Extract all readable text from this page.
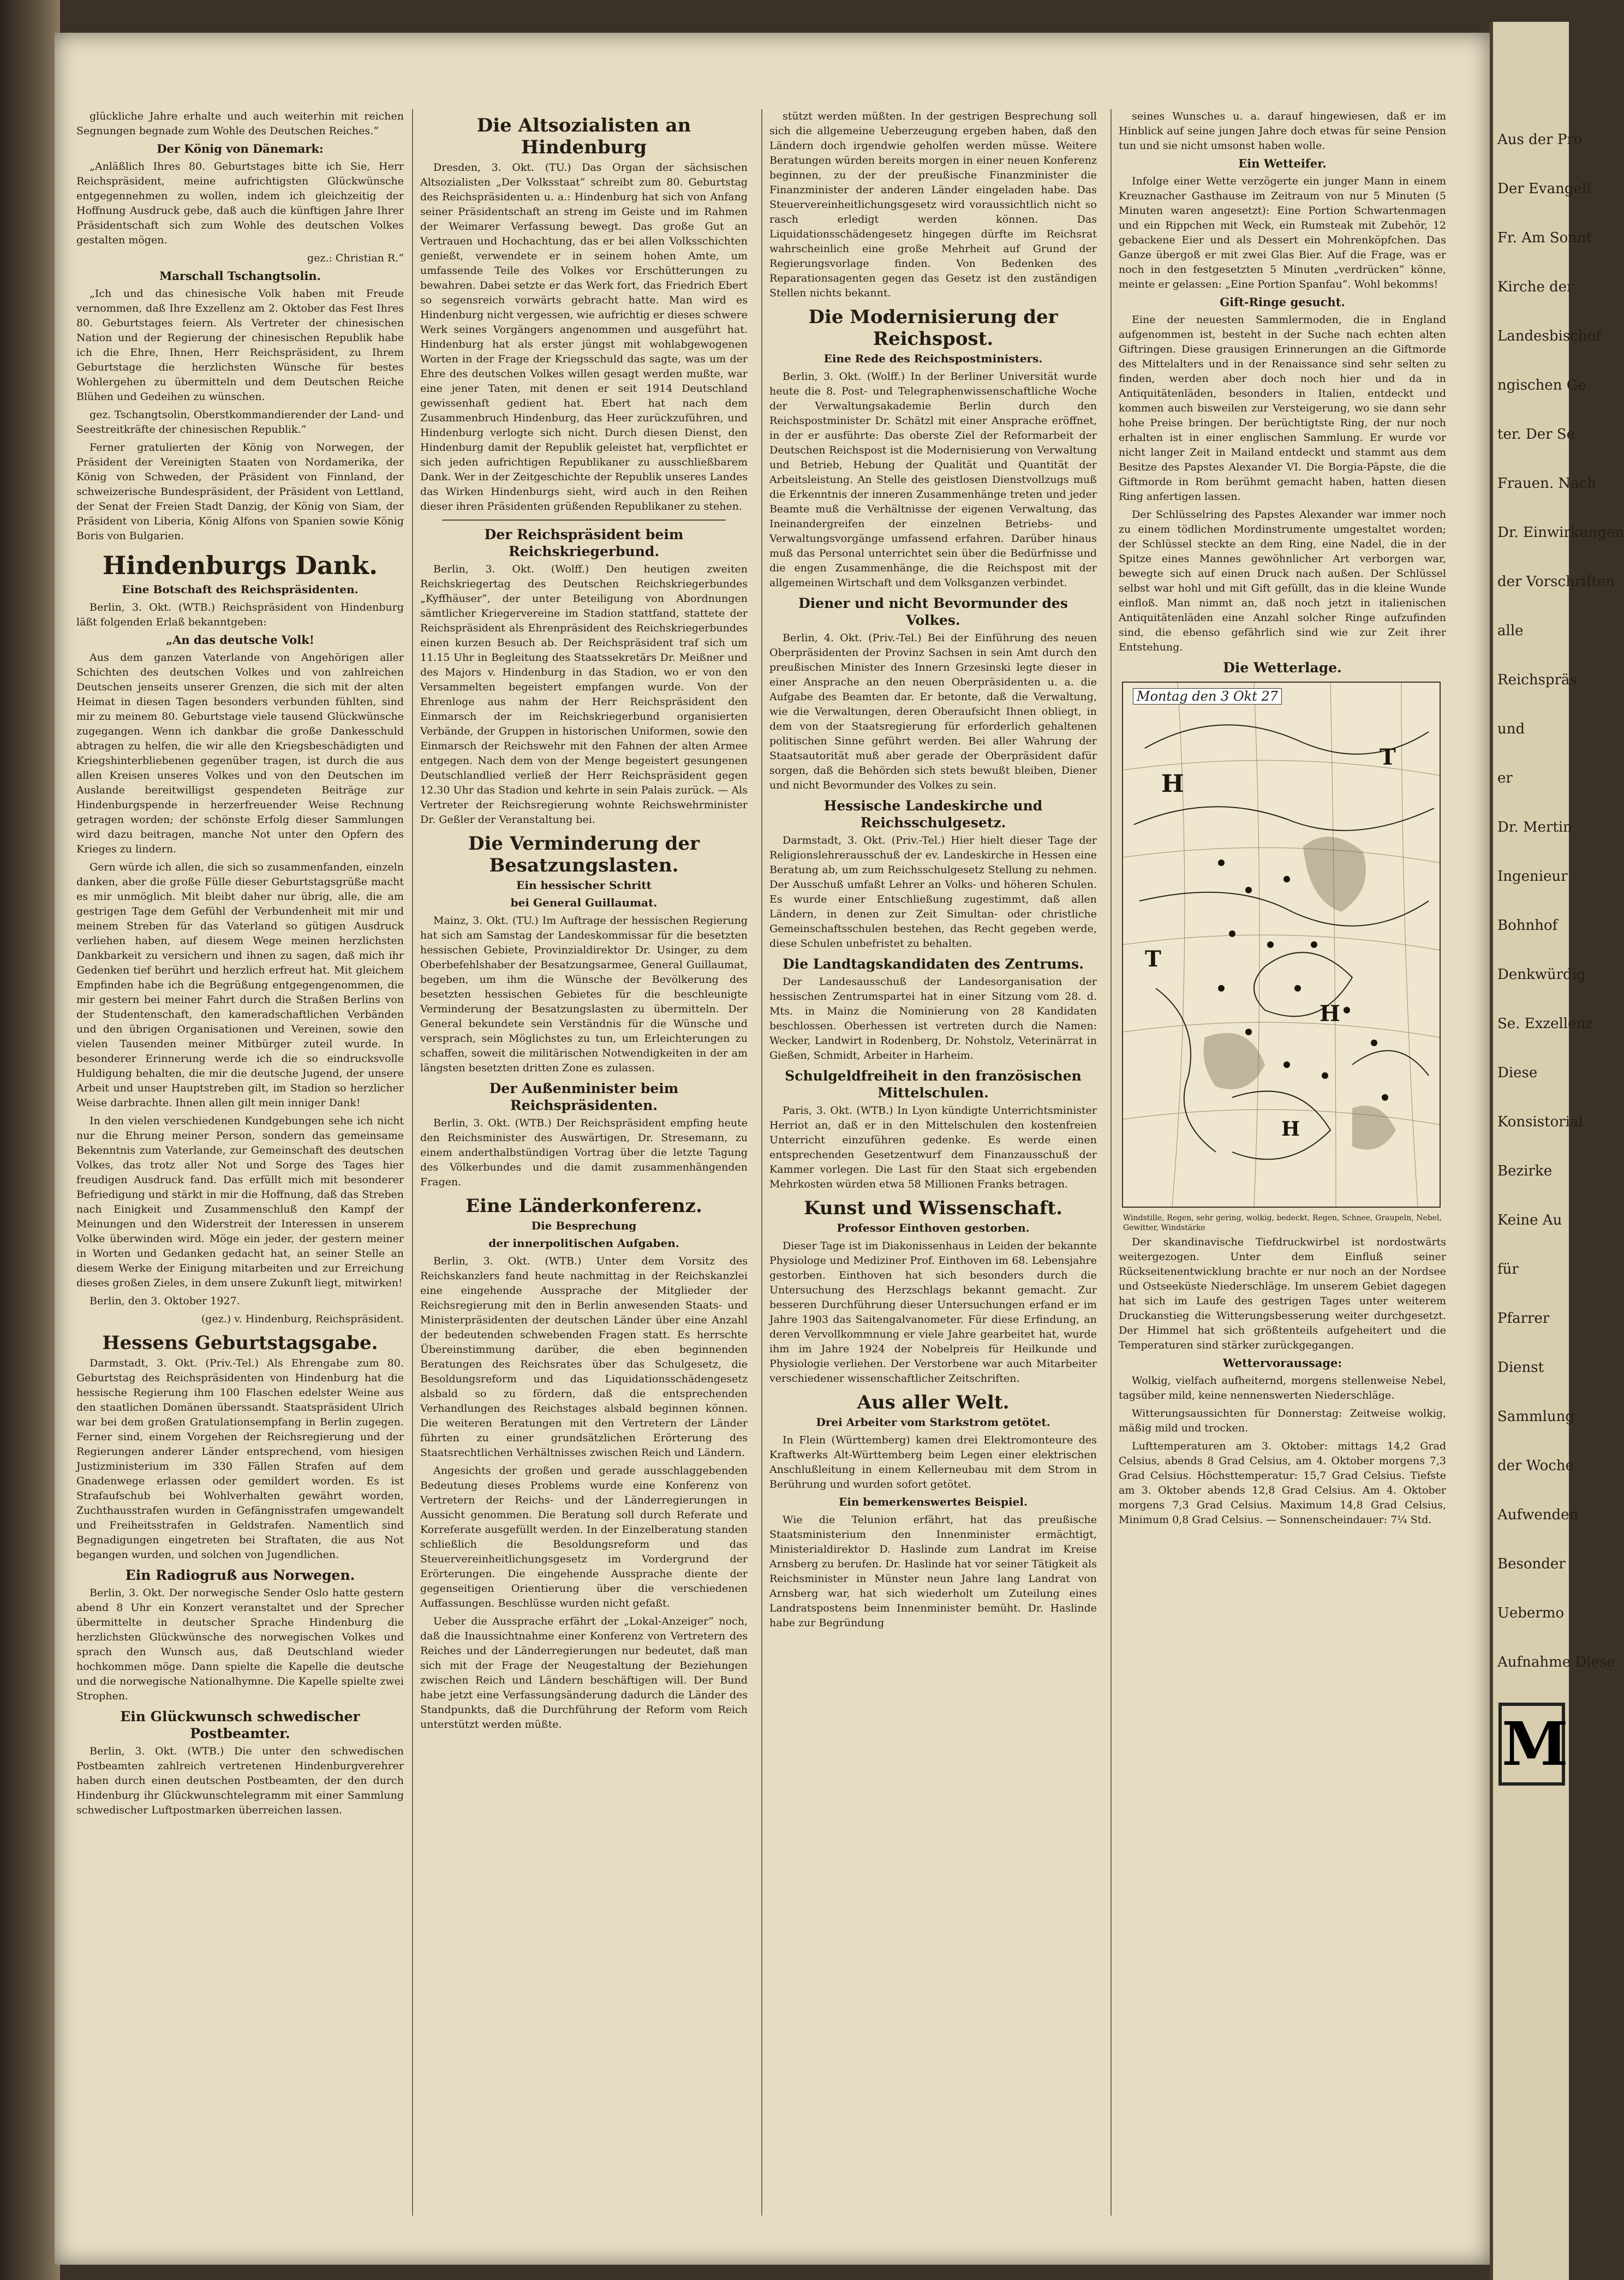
glückliche Jahre erhalte und auch weiterhin mit reichen Segnungen begnade zum Wohle des Deutschen Reiches.“

Der König von Dänemark:

„Anläßlich Ihres 80. Geburtstages bitte ich Sie, Herr Reichspräsident, meine aufrichtigsten Glückwünsche entgegennehmen zu wollen, indem ich gleichzeitig der Hoffnung Ausdruck gebe, daß auch die künftigen Jahre Ihrer Präsidentschaft sich zum Wohle des deutschen Volkes gestalten mögen.

gez.: Christian R.“

Marschall Tschangtsolin.

„Ich und das chinesische Volk haben mit Freude vernommen, daß Ihre Exzellenz am 2. Oktober das Fest Ihres 80. Geburtstages feiern. Als Vertreter der chinesischen Nation und der Regierung der chinesischen Republik habe ich die Ehre, Ihnen, Herr Reichspräsident, zu Ihrem Geburtstage die herzlichsten Wünsche für bestes Wohlergehen zu übermitteln und dem Deutschen Reiche Blühen und Gedeihen zu wünschen.

gez. Tschangtsolin, Oberstkommandierender der Land- und Seestreitkräfte der chinesischen Republik.“

Ferner gratulierten der König von Norwegen, der Präsident der Vereinigten Staaten von Nordamerika, der König von Schweden, der Präsident von Finnland, der schweizerische Bundespräsident, der Präsident von Lettland, der Senat der Freien Stadt Danzig, der König von Siam, der Präsident von Liberia, König Alfons von Spanien sowie König Boris von Bulgarien.

Hindenburgs Dank.
Eine Botschaft des Reichspräsidenten.

Berlin, 3. Okt. (WTB.) Reichspräsident von Hindenburg läßt folgenden Erlaß bekanntgeben:

„An das deutsche Volk!

Aus dem ganzen Vaterlande von Angehörigen aller Schichten des deutschen Volkes und von zahlreichen Deutschen jenseits unserer Grenzen, die sich mit der alten Heimat in diesen Tagen besonders verbunden fühlten, sind mir zu meinem 80. Geburtstage viele tausend Glückwünsche zugegangen. Wenn ich dankbar die große Dankesschuld abtragen zu helfen, die wir alle den Kriegsbeschädigten und Kriegshinterbliebenen gegenüber tragen, ist durch die aus allen Kreisen unseres Volkes und von den Deutschen im Auslande bereitwilligst gespendeten Beiträge zur Hindenburgspende in herzerfreuender Weise Rechnung getragen worden; der schönste Erfolg dieser Sammlungen wird dazu beitragen, manche Not unter den Opfern des Krieges zu lindern.

Gern würde ich allen, die sich so zusammenfanden, einzeln danken, aber die große Fülle dieser Geburtstagsgrüße macht es mir unmöglich. Mit bleibt daher nur übrig, alle, die am gestrigen Tage dem Gefühl der Verbundenheit mit mir und meinem Streben für das Vaterland so gütigen Ausdruck verliehen haben, auf diesem Wege meinen herzlichsten Dankbarkeit zu versichern und ihnen zu sagen, daß mich ihr Gedenken tief berührt und herzlich erfreut hat. Mit gleichem Empfinden habe ich die Begrüßung entgegengenommen, die mir gestern bei meiner Fahrt durch die Straßen Berlins von der Studentenschaft, den kameradschaftlichen Verbänden und den übrigen Organisationen und Vereinen, sowie den vielen Tausenden meiner Mitbürger zuteil wurde. In besonderer Erinnerung werde ich die so eindrucksvolle Huldigung behalten, die mir die deutsche Jugend, der unsere Arbeit und unser Hauptstreben gilt, im Stadion so herzlicher Weise darbrachte. Ihnen allen gilt mein inniger Dank!

In den vielen verschiedenen Kundgebungen sehe ich nicht nur die Ehrung meiner Person, sondern das gemeinsame Bekenntnis zum Vaterlande, zur Gemeinschaft des deutschen Volkes, das trotz aller Not und Sorge des Tages hier freudigen Ausdruck fand. Das erfüllt mich mit besonderer Befriedigung und stärkt in mir die Hoffnung, daß das Streben nach Einigkeit und Zusammenschluß den Kampf der Meinungen und den Widerstreit der Interessen in unserem Volke überwinden wird. Möge ein jeder, der gestern meiner in Worten und Gedanken gedacht hat, an seiner Stelle an diesem Werke der Einigung mitarbeiten und zur Erreichung dieses großen Zieles, in dem unsere Zukunft liegt, mitwirken!

Berlin, den 3. Oktober 1927.

(gez.) v. Hindenburg, Reichspräsident.

Hessens Geburtstagsgabe.

Darmstadt, 3. Okt. (Priv.-Tel.) Als Ehrengabe zum 80. Geburtstag des Reichspräsidenten von Hindenburg hat die hessische Regierung ihm 100 Flaschen edelster Weine aus den staatlichen Domänen überssandt. Staatspräsident Ulrich war bei dem großen Gratulationsempfang in Berlin zugegen. Ferner sind, einem Vorgehen der Reichsregierung und der Regierungen anderer Länder entsprechend, vom hiesigen Justizministerium im 330 Fällen Strafen auf dem Gnadenwege erlassen oder gemildert worden. Es ist Strafaufschub bei Wohlverhalten gewährt worden, Zuchthausstrafen wurden in Gefängnisstrafen umgewandelt und Freiheitsstrafen in Geldstrafen. Namentlich sind Begnadigungen eingetreten bei Straftaten, die aus Not begangen wurden, und solchen von Jugendlichen.

Ein Radiogruß aus Norwegen.

Berlin, 3. Okt. Der norwegische Sender Oslo hatte gestern abend 8 Uhr ein Konzert veranstaltet und der Sprecher übermittelte in deutscher Sprache Hindenburg die herzlichsten Glückwünsche des norwegischen Volkes und sprach den Wunsch aus, daß Deutschland wieder hochkommen möge. Dann spielte die Kapelle die deutsche und die norwegische Nationalhymne. Die Kapelle spielte zwei Strophen.

Ein Glückwunsch schwedischer Postbeamter.

Berlin, 3. Okt. (WTB.) Die unter den schwedischen Postbeamten zahlreich vertretenen Hindenburgverehrer haben durch einen deutschen Postbeamten, der den durch Hindenburg ihr Glückwunschtelegramm mit einer Sammlung schwedischer Luftpostmarken überreichen lassen.

Die Altsozialisten an Hindenburg

Dresden, 3. Okt. (TU.) Das Organ der sächsischen Altsozialisten „Der Volksstaat“ schreibt zum 80. Geburtstag des Reichspräsidenten u. a.: Hindenburg hat sich von Anfang seiner Präsidentschaft an streng im Geiste und im Rahmen der Weimarer Verfassung bewegt. Das große Gut an Vertrauen und Hochachtung, das er bei allen Volksschichten genießt, verwendete er in seinem hohen Amte, um umfassende Teile des Volkes vor Erschütterungen zu bewahren. Dabei setzte er das Werk fort, das Friedrich Ebert so segensreich vorwärts gebracht hatte. Man wird es Hindenburg nicht vergessen, wie aufrichtig er dieses schwere Werk seines Vorgängers angenommen und ausgeführt hat. Hindenburg hat als erster jüngst mit wohlabgewogenen Worten in der Frage der Kriegsschuld das sagte, was um der Ehre des deutschen Volkes willen gesagt werden mußte, war eine jener Taten, mit denen er seit 1914 Deutschland gewissenhaft gedient hat. Ebert hat nach dem Zusammenbruch Hindenburg, das Heer zurückzuführen, und Hindenburg verlogte sich nicht. Durch diesen Dienst, den Hindenburg damit der Republik geleistet hat, verpflichtet er sich jeden aufrichtigen Republikaner zu ausschließbarem Dank. Wer in der Zeitgeschichte der Republik unseres Landes das Wirken Hindenburgs sieht, wird auch in den Reihen dieser ihren Präsidenten grüßenden Republikaner zu stehen.

Der Reichspräsident beim Reichskriegerbund.

Berlin, 3. Okt. (Wolff.) Den heutigen zweiten Reichskriegertag des Deutschen Reichskriegerbundes „Kyffhäuser“, der unter Beteiligung von Abordnungen sämtlicher Kriegervereine im Stadion stattfand, stattete der Reichspräsident als Ehrenpräsident des Reichskriegerbundes einen kurzen Besuch ab. Der Reichspräsident traf sich um 11.15 Uhr in Begleitung des Staatssekretärs Dr. Meißner und des Majors v. Hindenburg in das Stadion, wo er von den Versammelten begeistert empfangen wurde. Von der Ehrenloge aus nahm der Herr Reichspräsident den Einmarsch der im Reichskriegerbund organisierten Verbände, der Gruppen in historischen Uniformen, sowie den Einmarsch der Reichswehr mit den Fahnen der alten Armee entgegen. Nach dem von der Menge begeistert gesungenen Deutschlandlied verließ der Herr Reichspräsident gegen 12.30 Uhr das Stadion und kehrte in sein Palais zurück. — Als Vertreter der Reichsregierung wohnte Reichswehrminister Dr. Geßler der Veranstaltung bei.

Die Verminderung der Besatzungslasten.
Ein hessischer Schritt
bei General Guillaumat.

Mainz, 3. Okt. (TU.) Im Auftrage der hessischen Regierung hat sich am Samstag der Landeskommissar für die besetzten hessischen Gebiete, Provinzialdirektor Dr. Usinger, zu dem Oberbefehlshaber der Besatzungsarmee, General Guillaumat, begeben, um ihm die Wünsche der Bevölkerung des besetzten hessischen Gebietes für die beschleunigte Verminderung der Besatzungslasten zu übermitteln. Der General bekundete sein Verständnis für die Wünsche und versprach, sein Möglichstes zu tun, um Erleichterungen zu schaffen, soweit die militärischen Notwendigkeiten in der am längsten besetzten dritten Zone es zulassen.

Der Außenminister beim Reichspräsidenten.

Berlin, 3. Okt. (WTB.) Der Reichspräsident empfing heute den Reichsminister des Auswärtigen, Dr. Stresemann, zu einem anderthalbstündigen Vortrag über die letzte Tagung des Völkerbundes und die damit zusammenhängenden Fragen.

Eine Länderkonferenz.
Die Besprechung
der innerpolitischen Aufgaben.

Berlin, 3. Okt. (WTB.) Unter dem Vorsitz des Reichskanzlers fand heute nachmittag in der Reichskanzlei eine eingehende Aussprache der Mitglieder der Reichsregierung mit den in Berlin anwesenden Staats- und Ministerpräsidenten der deutschen Länder über eine Anzahl der bedeutenden schwebenden Fragen statt. Es herrschte Übereinstimmung darüber, die eben beginnenden Beratungen des Reichsrates über das Schulgesetz, die Besoldungsreform und das Liquidationsschädengesetz alsbald so zu fördern, daß die entsprechenden Verhandlungen des Reichstages alsbald beginnen können. Die weiteren Beratungen mit den Vertretern der Länder führten zu einer grundsätzlichen Erörterung des Staatsrechtlichen Verhältnisses zwischen Reich und Ländern.

Angesichts der großen und gerade ausschlaggebenden Bedeutung dieses Problems wurde eine Konferenz von Vertretern der Reichs- und der Länderregierungen in Aussicht genommen. Die Beratung soll durch Referate und Korreferate ausgefüllt werden. In der Einzelberatung standen schließlich die Besoldungsreform und das Steuervereinheitlichungsgesetz im Vordergrund der Erörterungen. Die eingehende Aussprache diente der gegenseitigen Orientierung über die verschiedenen Auffassungen. Beschlüsse wurden nicht gefaßt.

Ueber die Aussprache erfährt der „Lokal-Anzeiger“ noch, daß die Inaussichtnahme einer Konferenz von Vertretern des Reiches und der Länderregierungen nur bedeutet, daß man sich mit der Frage der Neugestaltung der Beziehungen zwischen Reich und Ländern beschäftigen will. Der Bund habe jetzt eine Verfassungsänderung dadurch die Länder des Standpunkts, daß die Durchführung der Reform vom Reich unterstützt werden müßte.

stützt werden müßten. In der gestrigen Besprechung soll sich die allgemeine Ueberzeugung ergeben haben, daß den Ländern doch irgendwie geholfen werden müsse. Weitere Beratungen würden bereits morgen in einer neuen Konferenz beginnen, zu der der preußische Finanzminister die Finanzminister der anderen Länder eingeladen habe. Das Steuervereinheitlichungsgesetz wird voraussichtlich nicht so rasch erledigt werden können. Das Liquidationsschädengesetz hingegen dürfte im Reichsrat wahrscheinlich eine große Mehrheit auf Grund der Regierungsvorlage finden. Von Bedenken des Reparationsagenten gegen das Gesetz ist den zuständigen Stellen nichts bekannt.

Die Modernisierung der Reichspost.
Eine Rede des Reichspostministers.

Berlin, 3. Okt. (Wolff.) In der Berliner Universität wurde heute die 8. Post- und Telegraphenwissenschaftliche Woche der Verwaltungsakademie Berlin durch den Reichspostminister Dr. Schätzl mit einer Ansprache eröffnet, in der er ausführte: Das oberste Ziel der Reformarbeit der Deutschen Reichspost ist die Modernisierung von Verwaltung und Betrieb, Hebung der Qualität und Quantität der Arbeitsleistung. An Stelle des geistlosen Dienstvollzugs muß die Erkenntnis der inneren Zusammenhänge treten und jeder Beamte muß die Verhältnisse der eigenen Verwaltung, das Ineinandergreifen der einzelnen Betriebs- und Verwaltungsvorgänge umfassend erfahren. Darüber hinaus muß das Personal unterrichtet sein über die Bedürfnisse und die engen Zusammenhänge, die die Reichspost mit der allgemeinen Wirtschaft und dem Volksganzen verbindet.

Diener und nicht Bevormunder des Volkes.

Berlin, 4. Okt. (Priv.-Tel.) Bei der Einführung des neuen Oberpräsidenten der Provinz Sachsen in sein Amt durch den preußischen Minister des Innern Grzesinski legte dieser in einer Ansprache an den neuen Oberpräsidenten u. a. die Aufgabe des Beamten dar. Er betonte, daß die Verwaltung, wie die Verwaltungen, deren Oberaufsicht Ihnen obliegt, in dem von der Staatsregierung für erforderlich gehaltenen politischen Sinne geführt werden. Bei aller Wahrung der Staatsautorität muß aber gerade der Oberpräsident dafür sorgen, daß die Behörden sich stets bewußt bleiben, Diener und nicht Bevormunder des Volkes zu sein.

Hessische Landeskirche und Reichsschulgesetz.

Darmstadt, 3. Okt. (Priv.-Tel.) Hier hielt dieser Tage der Religionslehrerausschuß der ev. Landeskirche in Hessen eine Beratung ab, um zum Reichsschulgesetz Stellung zu nehmen. Der Ausschuß umfaßt Lehrer an Volks- und höheren Schulen. Es wurde einer Entschließung zugestimmt, daß allen Ländern, in denen zur Zeit Simultan- oder christliche Gemeinschaftsschulen bestehen, das Recht gegeben werde, diese Schulen unbefristet zu behalten.

Die Landtagskandidaten des Zentrums.

Der Landesausschuß der Landesorganisation der hessischen Zentrumspartei hat in einer Sitzung vom 28. d. Mts. in Mainz die Nominierung von 28 Kandidaten beschlossen. Oberhessen ist vertreten durch die Namen: Wecker, Landwirt in Rodenberg, Dr. Nohstolz, Veterinärrat in Gießen, Schmidt, Arbeiter in Harheim.

Schulgeldfreiheit in den französischen Mittelschulen.

Paris, 3. Okt. (WTB.) In Lyon kündigte Unterrichtsminister Herriot an, daß er in den Mittelschulen den kostenfreien Unterricht einzuführen gedenke. Es werde einen entsprechenden Gesetzentwurf dem Finanzausschuß der Kammer vorlegen. Die Last für den Staat sich ergebenden Mehrkosten würden etwa 58 Millionen Franks betragen.

Kunst und Wissenschaft.
Professor Einthoven gestorben.

Dieser Tage ist im Diakonissenhaus in Leiden der bekannte Physiologe und Mediziner Prof. Einthoven im 68. Lebensjahre gestorben. Einthoven hat sich besonders durch die Untersuchung des Herzschlags bekannt gemacht. Zur besseren Durchführung dieser Untersuchungen erfand er im Jahre 1903 das Saitengalvanometer. Für diese Erfindung, an deren Vervollkommnung er viele Jahre gearbeitet hat, wurde ihm im Jahre 1924 der Nobelpreis für Heilkunde und Physiologie verliehen. Der Verstorbene war auch Mitarbeiter verschiedener wissenschaftlicher Zeitschriften.

Aus aller Welt.
Drei Arbeiter vom Starkstrom getötet.

In Flein (Württemberg) kamen drei Elektromonteure des Kraftwerks Alt-Württemberg beim Legen einer elektrischen Anschlußleitung in einem Kellerneubau mit dem Strom in Berührung und wurden sofort getötet.

Ein bemerkenswertes Beispiel.

Wie die Telunion erfährt, hat das preußische Staatsministerium den Innenminister ermächtigt, Ministerialdirektor D. Haslinde zum Landrat im Kreise Arnsberg zu berufen. Dr. Haslinde hat vor seiner Tätigkeit als Reichsminister in Münster neun Jahre lang Landrat von Arnsberg war, hat sich wiederholt um Zuteilung eines Landratspostens beim Innenminister bemüht. Dr. Haslinde habe zur Begründung

seines Wunsches u. a. darauf hingewiesen, daß er im Hinblick auf seine jungen Jahre doch etwas für seine Pension tun und sie nicht umsonst haben wolle.

Ein Wetteifer.

Infolge einer Wette verzögerte ein junger Mann in einem Kreuznacher Gasthause im Zeitraum von nur 5 Minuten (5 Minuten waren angesetzt): Eine Portion Schwartenmagen und ein Rippchen mit Weck, ein Rumsteak mit Zubehör, 12 gebackene Eier und als Dessert ein Mohrenköpfchen. Das Ganze übergoß er mit zwei Glas Bier. Auf die Frage, was er noch in den festgesetzten 5 Minuten „verdrücken“ könne, meinte er gelassen: „Eine Portion Spanfau“. Wohl bekomms!

Gift-Ringe gesucht.

Eine der neuesten Sammlermoden, die in England aufgenommen ist, besteht in der Suche nach echten alten Giftringen. Diese grausigen Erinnerungen an die Giftmorde des Mittelalters und in der Renaissance sind sehr selten zu finden, werden aber doch noch hier und da in Antiquitätenläden, besonders in Italien, entdeckt und kommen auch bisweilen zur Versteigerung, wo sie dann sehr hohe Preise bringen. Der berüchtigtste Ring, der nur noch erhalten ist in einer englischen Sammlung. Er wurde vor nicht langer Zeit in Mailand entdeckt und stammt aus dem Besitze des Papstes Alexander VI. Die Borgia-Päpste, die die Giftmorde in Rom berühmt gemacht haben, hatten diesen Ring anfertigen lassen.

Der Schlüsselring des Papstes Alexander war immer noch zu einem tödlichen Mordinstrumente umgestaltet worden; der Schlüssel steckte an dem Ring, eine Nadel, die in der Spitze eines Mannes gewöhnlicher Art verborgen war, bewegte sich auf einen Druck nach außen. Der Schlüssel selbst war hohl und mit Gift gefüllt, das in die kleine Wunde einfloß. Man nimmt an, daß noch jetzt in italienischen Antiquitätenläden eine Anzahl solcher Ringe aufzufinden sind, die ebenso gefährlich sind wie zur Zeit ihrer Entstehung.

Die Wetterlage.
H
T
T
H
H
Montag den 3 Okt 27

Windstille, Regen, sehr gering, wolkig, bedeckt, Regen, Schnee, Graupeln, Nebel, Gewitter, Windstärke

Der skandinavische Tiefdruckwirbel ist nordostwärts weitergezogen. Unter dem Einfluß seiner Rückseitenentwicklung brachte er nur noch an der Nordsee und Ostseeküste Niederschläge. Im unserem Gebiet dagegen hat sich im Laufe des gestrigen Tages unter weiterem Druckanstieg die Witterungsbesserung weiter durchgesetzt. Der Himmel hat sich größtenteils aufgeheitert und die Temperaturen sind stärker zurückgegangen.

Wettervoraussage:

Wolkig, vielfach aufheiternd, morgens stellenweise Nebel, tagsüber mild, keine nennenswerten Niederschläge.

Witterungsaussichten für Donnerstag: Zeitweise wolkig, mäßig mild und trocken.

Lufttemperaturen am 3. Oktober: mittags 14,2 Grad Celsius, abends 8 Grad Celsius, am 4. Oktober morgens 7,3 Grad Celsius. Höchsttemperatur: 15,7 Grad Celsius. Tiefste am 3. Oktober abends 12,8 Grad Celsius. Am 4. Oktober morgens 7,3 Grad Celsius. Maximum 14,8 Grad Celsius, Minimum 0,8 Grad Celsius. — Sonnenscheindauer: 7¼ Std.

Aus der Pro
Der Evangeli
Fr. Am Sonnt
Kirche der
Landesbischof
ngischen Ge
ter. Der Se
Frauen. Nach
Dr. Einwirkungen
der Vorschriften
alle
Reichspräs
und
er
Dr. Mertin
Ingenieur
Bohnhof
Denkwürdig
Se. Exzellenz
Diese
Konsistorial
Bezirke
Keine Au
für
Pfarrer
Dienst
Sammlung
der Woche
Aufwenden
Besonder
Uebermo
Aufnahme Diese
M
